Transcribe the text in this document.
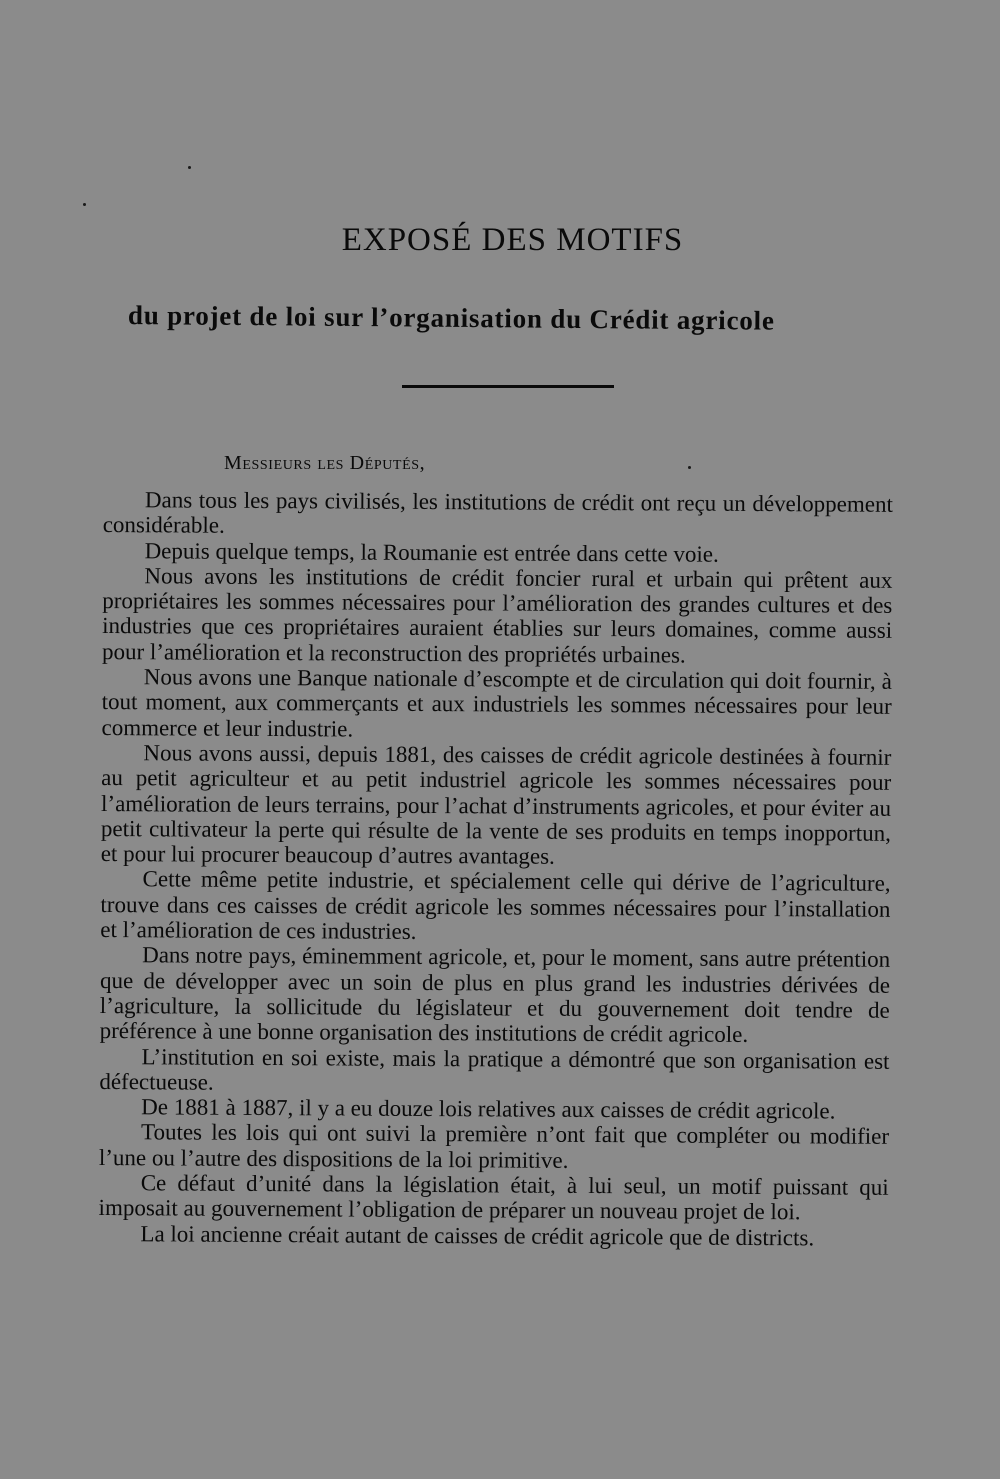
EXPOSÉ DES MOTIFS
du projet de loi sur l’organisation du Crédit agricole
Messieurs les Députés,

Dans tous les pays civilisés, les institutions de crédit ont reçu un développement considérable.

Depuis quelque temps, la Roumanie est entrée dans cette voie.

Nous avons les institutions de crédit foncier rural et urbain qui prêtent aux propriétaires les sommes nécessaires pour l’amélioration des grandes cultures et des industries que ces propriétaires auraient établies sur leurs domaines, comme aussi pour l’amélioration et la reconstruction des propriétés urbaines.

Nous avons une Banque nationale d’escompte et de circulation qui doit fournir, à tout moment, aux commerçants et aux industriels les sommes nécessaires pour leur commerce et leur industrie.

Nous avons aussi, depuis 1881, des caisses de crédit agricole destinées à fournir au petit agriculteur et au petit industriel agricole les sommes nécessaires pour l’amélioration de leurs terrains, pour l’achat d’instruments agricoles, et pour éviter au petit cultivateur la perte qui résulte de la vente de ses produits en temps inopportun, et pour lui procurer beaucoup d’autres avantages.

Cette même petite industrie, et spécialement celle qui dérive de l’agriculture, trouve dans ces caisses de crédit agricole les sommes nécessaires pour l’installation et l’amélioration de ces industries.

Dans notre pays, éminemment agricole, et, pour le moment, sans autre prétention que de développer avec un soin de plus en plus grand les industries dérivées de l’agriculture, la sollicitude du législateur et du gouvernement doit tendre de préférence à une bonne organisation des institutions de crédit agricole.

L’institution en soi existe, mais la pratique a démontré que son organisation est défectueuse.

De 1881 à 1887, il y a eu douze lois relatives aux caisses de crédit agricole.

Toutes les lois qui ont suivi la première n’ont fait que compléter ou modifier l’une ou l’autre des dispositions de la loi primitive.

Ce défaut d’unité dans la législation était, à lui seul, un motif puissant qui imposait au gouvernement l’obligation de préparer un nouveau projet de loi.

La loi ancienne créait autant de caisses de crédit agricole que de districts.
